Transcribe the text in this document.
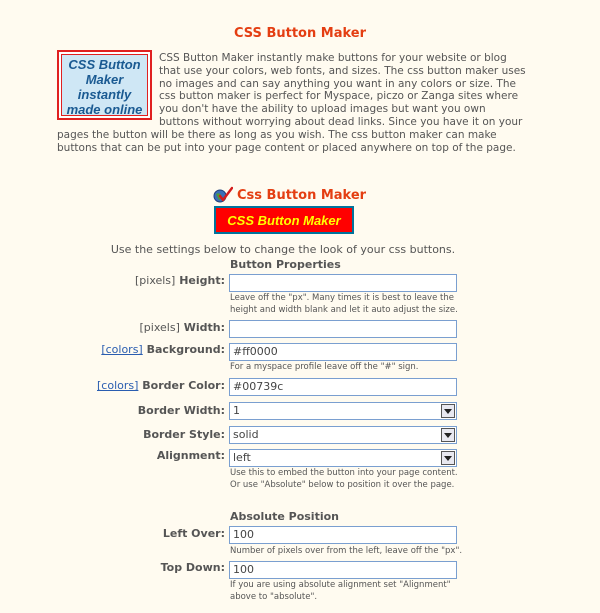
CSS Button Maker
CSS Button Maker instantly made online
CSS Button Maker instantly make buttons for your website or blog that use your colors, web fonts, and sizes. The css button maker uses no images and can say anything you want in any colors or size. The css button maker is perfect for Myspace, piczo or Zanga sites where you don't have the ability to upload images but want you own buttons without worrying about dead links. Since you have it on your pages the button will be there as long as you wish. The css button maker can make buttons that can be put into your page content or placed anywhere on top of the page.
Css Button Maker
CSS Button Maker
Use the settings below to change the look of your css buttons.
Button Properties
[pixels] Height:
Leave off the "px". Many times it is best to leave the height and width blank and let it auto adjust the size.
[pixels] Width:
[colors] Background: #ff0000
For a myspace profile leave off the "#" sign.
[colors] Border Color: #00739c
Border Width: 1
Border Style: solid
Alignment: left
Use this to embed the button into your page content. Or use "Absolute" below to position it over the page.
Absolute Position
Left Over: 100
Number of pixels over from the left, leave off the "px".
Top Down: 100
If you are using absolute alignment set "Alignment" above to "absolute".
